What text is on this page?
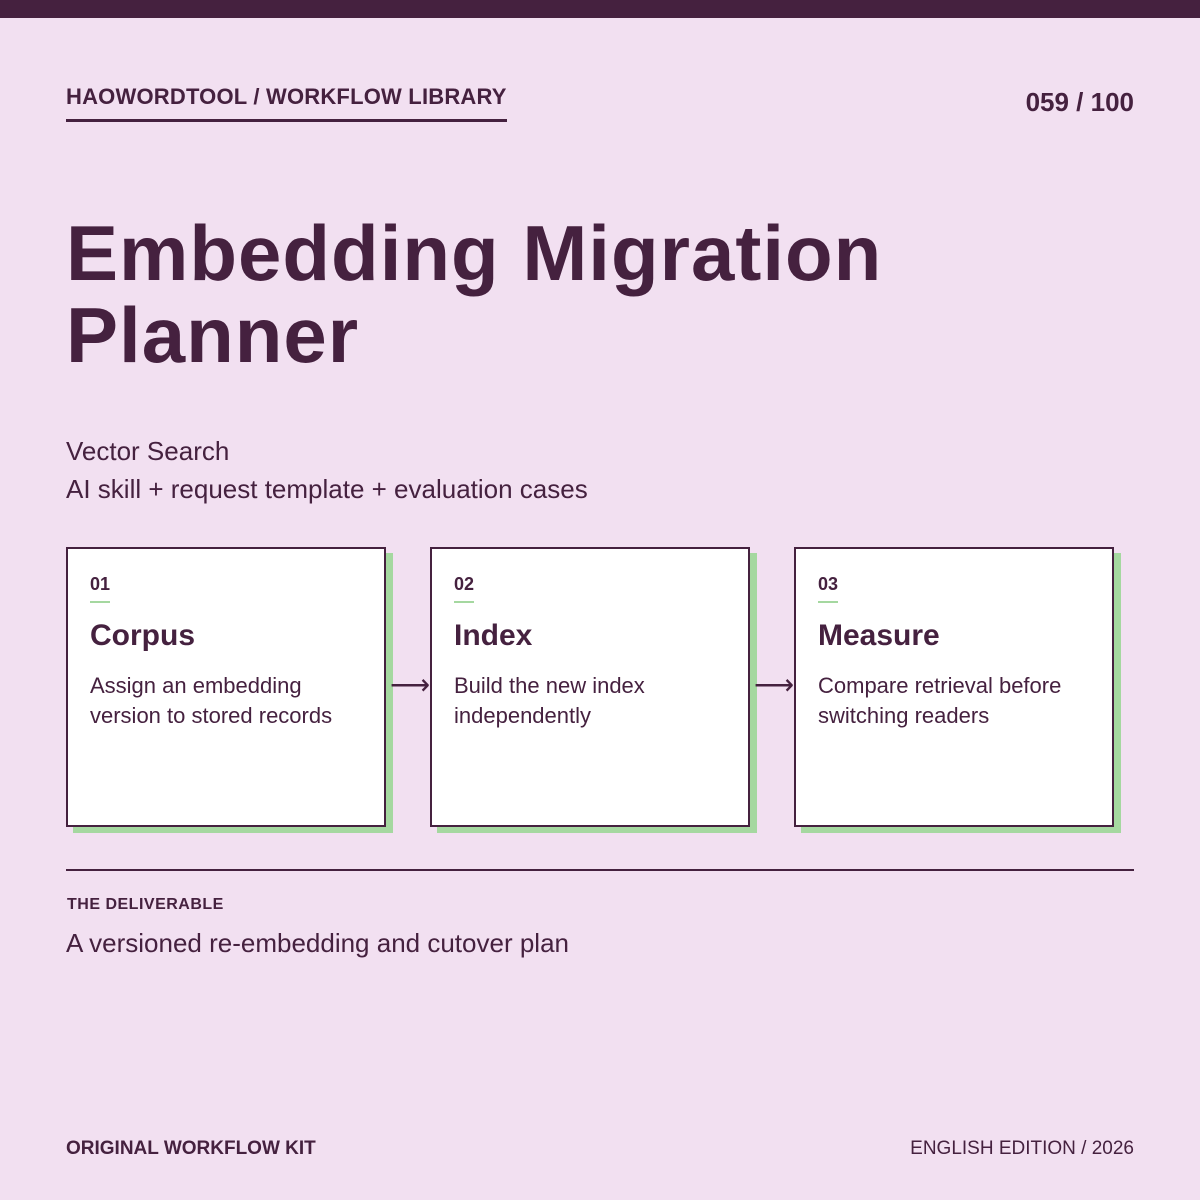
HAOWORDTOOL / WORKFLOW LIBRARY	059 / 100
Embedding Migration
Planner
Vector Search
AI skill + request template + evaluation cases
01
Corpus
Assign an embedding version to stored records
⟶
02
Index
Build the new index independently
⟶
03
Measure
Compare retrieval before switching readers
THE DELIVERABLE
A versioned re-embedding and cutover plan
ORIGINAL WORKFLOW KIT	ENGLISH EDITION / 2026
